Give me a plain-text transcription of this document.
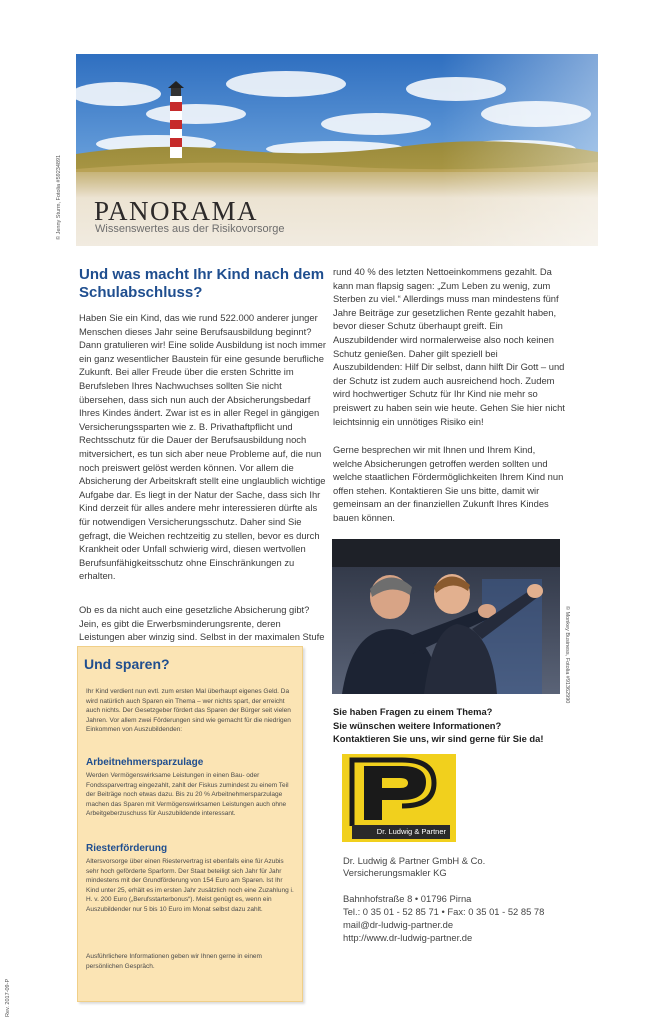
PANORAMA
Wissenswertes aus der Risikovorsorge
© Jenny Sturm, Fotolia #59234891
Und was macht Ihr Kind nach dem Schulabschluss?
Haben Sie ein Kind, das wie rund 522.000 anderer junger Menschen dieses Jahr seine Berufsausbildung beginnt? Dann gratulieren wir! Eine solide Ausbildung ist noch immer ein ganz wesentlicher Baustein für eine gesunde berufliche Zukunft. Bei aller Freude über die ersten Schritte im Berufsleben Ihres Nachwuchses sollten Sie nicht übersehen, dass sich nun auch der Absicherungsbedarf Ihres Kindes ändert. Zwar ist es in aller Regel in gängigen Versicherungssparten wie z. B. Privathaftpflicht und Rechtsschutz für die Dauer der Berufsausbildung noch mitversichert, es tun sich aber neue Probleme auf, die nun noch preiswert gelöst werden können. Vor allem die Absicherung der Arbeitskraft stellt eine unglaublich wichtige Aufgabe dar. Es liegt in der Natur der Sache, dass sich Ihr Kind derzeit für alles andere mehr interessieren dürfte als für notwendigen Versicherungsschutz. Daher sind Sie gefragt, die Weichen rechtzeitig zu stellen, bevor es durch Krankheit oder Unfall schwierig wird, diesen wertvollen Berufsunfähigkeitsschutz ohne Einschränkungen zu erhalten.
Ob es da nicht auch eine gesetzliche Absicherung gibt? Jein, es gibt die Erwerbsminderungsrente, deren Leistungen aber winzig sind. Selbst in der maximalen Stufe
Und sparen?
Ihr Kind verdient nun evtl. zum ersten Mal überhaupt eigenes Geld. Da wird natürlich auch Sparen ein Thema – wer nichts spart, der erreicht auch nichts. Der Gesetzgeber fördert das Sparen der Bürger seit vielen Jahren. Vor allem zwei Förderungen sind wie gemacht für die niedrigen Einkommen von Auszubildenden:
Arbeitnehmersparzulage
Werden Vermögenswirksame Leistungen in einen Bau- oder Fondssparvertrag eingezahlt, zahlt der Fiskus zumindest zu einem Teil der Beiträge noch etwas dazu. Bis zu 20 % Arbeitnehmersparzulage machen das Sparen mit Vermögenswirksamen Leistungen auch ohne Arbeitgeberzuschuss für Auszubildende interessant.
Riesterförderung
Altersvorsorge über einen Riestervertrag ist ebenfalls eine für Azubis sehr hoch geförderte Sparform. Der Staat beteiligt sich Jahr für Jahr mindestens mit der Grundförderung von 154 Euro am Sparen. Ist Ihr Kind unter 25, erhält es im ersten Jahr zusätzlich noch eine Zuzahlung i. H. v. 200 Euro („Berufsstarterbonus“). Meist genügt es, wenn ein Auszubildender nur 5 bis 10 Euro im Monat selbst dazu zahlt.
Ausführlichere Informationen geben wir Ihnen gerne in einem persönlichen Gespräch.
rund 40 % des letzten Nettoeinkommens gezahlt. Da kann man flapsig sagen: „Zum Leben zu wenig, zum Sterben zu viel.“ Allerdings muss man mindestens fünf Jahre Beiträge zur gesetzlichen Rente gezahlt haben, bevor dieser Schutz überhaupt greift. Ein Auszubildender wird normalerweise also noch keinen Schutz genießen. Daher gilt speziell bei Auszubildenden: Hilf Dir selbst, dann hilft Dir Gott – und der Schutz ist zudem auch ausreichend hoch. Zudem wird hochwertiger Schutz für Ihr Kind nie mehr so preiswert zu haben sein wie heute. Gehen Sie hier nicht leichtsinnig ein unnötiges Risiko ein!
Gerne besprechen wir mit Ihnen und Ihrem Kind, welche Absicherungen getroffen werden sollten und welche staatlichen Fördermöglichkeiten Ihrem Kind nun offen stehen. Kontaktieren Sie uns bitte, damit wir gemeinsam an der finanziellen Zukunft Ihres Kindes bauen können.
© Monkey Business, Fotolia #91362990
Sie haben Fragen zu einem Thema?
Sie wünschen weitere Informationen?
Kontaktieren Sie uns, wir sind gerne für Sie da!
Dr. Ludwig & Partner
Dr. Ludwig & Partner GmbH & Co.
Versicherungsmakler KG
Bahnhofstraße 8 • 01796 Pirna
Tel.: 0 35 01 - 52 85 71 • Fax: 0 35 01 - 52 85 78
mail@dr-ludwig-partner.de
http://www.dr-ludwig-partner.de
Rev. 2017-09-P
